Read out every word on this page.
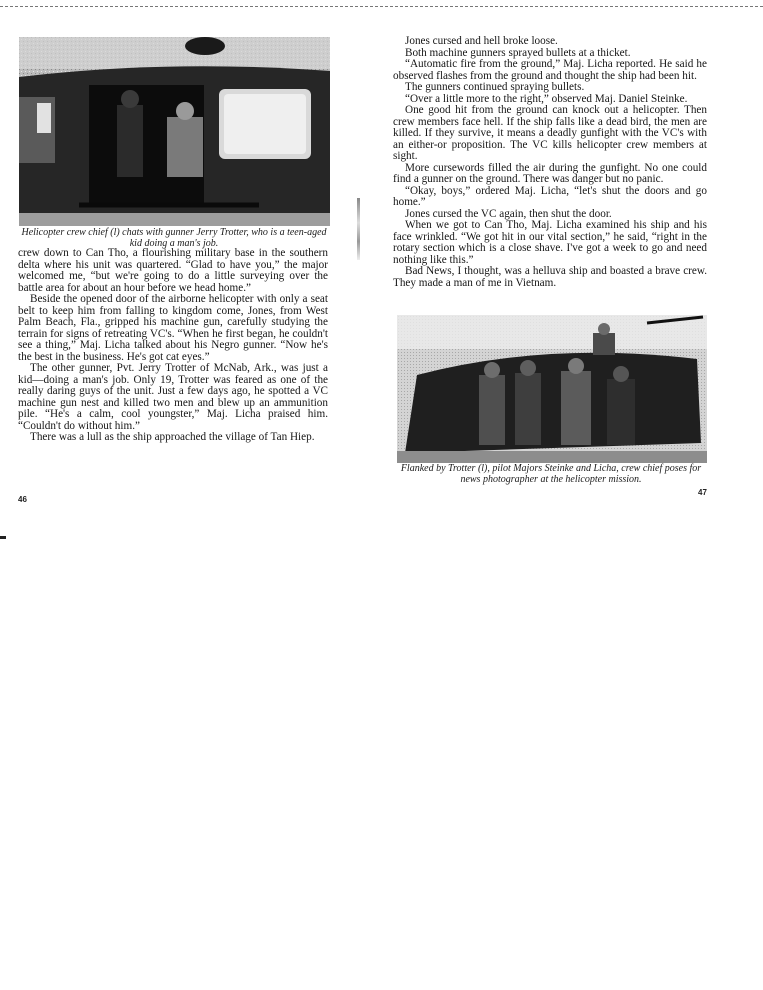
Helicopter crew chief (l) chats with gunner Jerry Trotter, who is a teen-aged kid doing a man's job.

crew down to Can Tho, a flourishing military base in the southern delta where his unit was quartered. “Glad to have you,” the major welcomed me, “but we're going to do a little surveying over the battle area for about an hour before we head home.”

Beside the opened door of the airborne helicopter with only a seat belt to keep him from falling to kingdom come, Jones, from West Palm Beach, Fla., gripped his machine gun, carefully studying the terrain for signs of retreating VC's. “When he first began, he couldn't see a thing,” Maj. Licha talked about his Negro gunner. “Now he's the best in the business. He's got cat eyes.”

The other gunner, Pvt. Jerry Trotter of McNab, Ark., was just a kid—doing a man's job. Only 19, Trotter was feared as one of the really daring guys of the unit. Just a few days ago, he spotted a VC machine gun nest and killed two men and blew up an ammunition pile. “He's a calm, cool youngster,” Maj. Licha praised him. “Couldn't do without him.”

There was a lull as the ship approached the village of Tan Hiep.

46

Jones cursed and hell broke loose.

Both machine gunners sprayed bullets at a thicket.

“Automatic fire from the ground,” Maj. Licha reported. He said he observed flashes from the ground and thought the ship had been hit.

The gunners continued spraying bullets.

“Over a little more to the right,” observed Maj. Daniel Steinke.

One good hit from the ground can knock out a helicopter. Then crew members face hell. If the ship falls like a dead bird, the men are killed. If they survive, it means a deadly gunfight with the VC's with an either-or proposition. The VC kills helicopter crew members at sight.

More cursewords filled the air during the gunfight. No one could find a gunner on the ground. There was danger but no panic.

“Okay, boys,” ordered Maj. Licha, “let's shut the doors and go home.”

Jones cursed the VC again, then shut the door.

When we got to Can Tho, Maj. Licha examined his ship and his face wrinkled. “We got hit in our vital section,” he said, “right in the rotary section which is a close shave. I've got a week to go and need nothing like this.”

Bad News, I thought, was a helluva ship and boasted a brave crew. They made a man of me in Vietnam.

Flanked by Trotter (l), pilot Majors Steinke and Licha, crew chief poses for news photographer at the helicopter mission.
47
